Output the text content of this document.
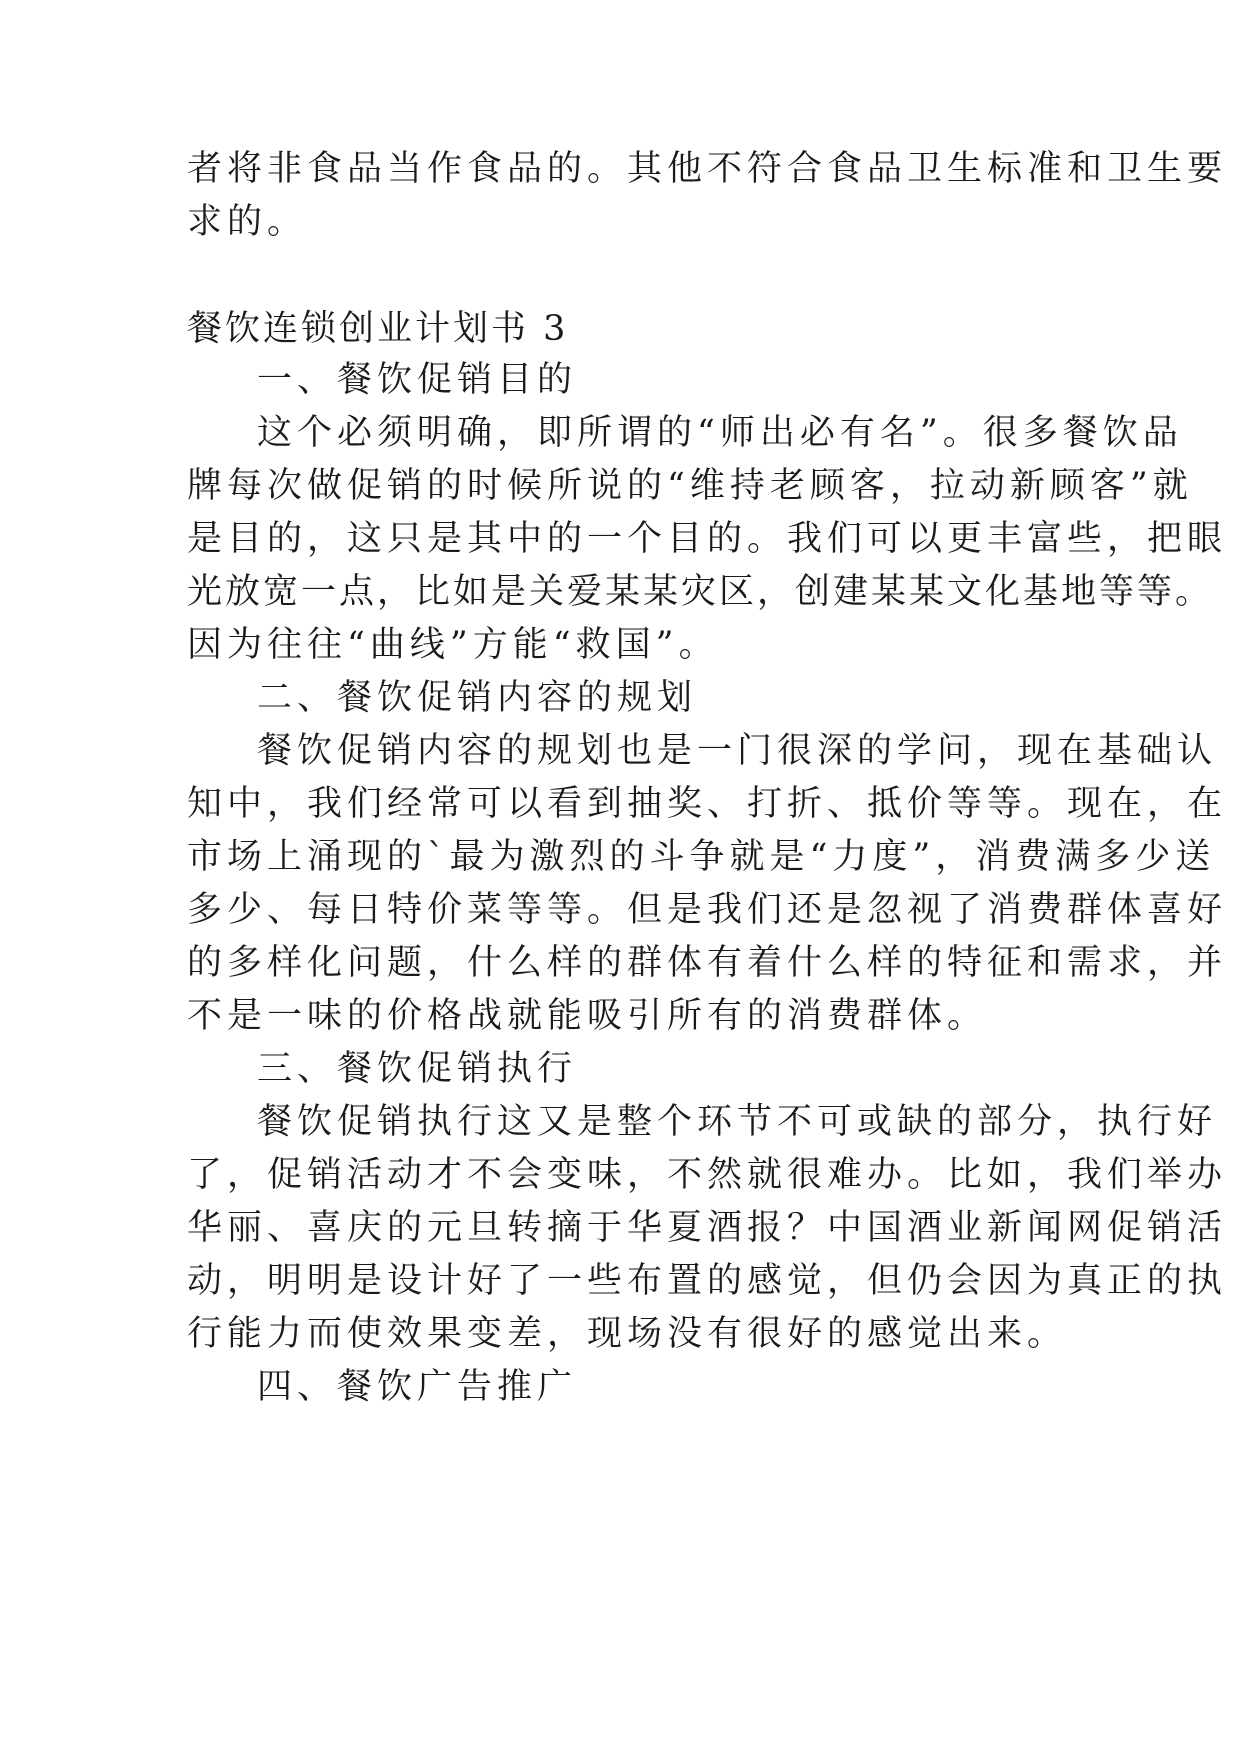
者将非食品当作食品的。其他不符合食品卫生标准和卫生要
求的。
餐饮连锁创业计划书 3
一、餐饮促销目的
这个必须明确，即所谓的“师出必有名”。很多餐饮品
牌每次做促销的时候所说的“维持老顾客，拉动新顾客”就
是目的，这只是其中的一个目的。我们可以更丰富些，把眼
光放宽一点，比如是关爱某某灾区，创建某某文化基地等等。
因为往往“曲线”方能“救国”。
二、餐饮促销内容的规划
餐饮促销内容的规划也是一门很深的学问，现在基础认
知中，我们经常可以看到抽奖、打折、抵价等等。现在，在
市场上涌现的`最为激烈的斗争就是“力度”，消费满多少送
多少、每日特价菜等等。但是我们还是忽视了消费群体喜好
的多样化问题，什么样的群体有着什么样的特征和需求，并
不是一味的价格战就能吸引所有的消费群体。
三、餐饮促销执行
餐饮促销执行这又是整个环节不可或缺的部分，执行好
了，促销活动才不会变味，不然就很难办。比如，我们举办
华丽、喜庆的元旦转摘于华夏酒报？中国酒业新闻网促销活
动，明明是设计好了一些布置的感觉，但仍会因为真正的执
行能力而使效果变差，现场没有很好的感觉出来。
四、餐饮广告推广
